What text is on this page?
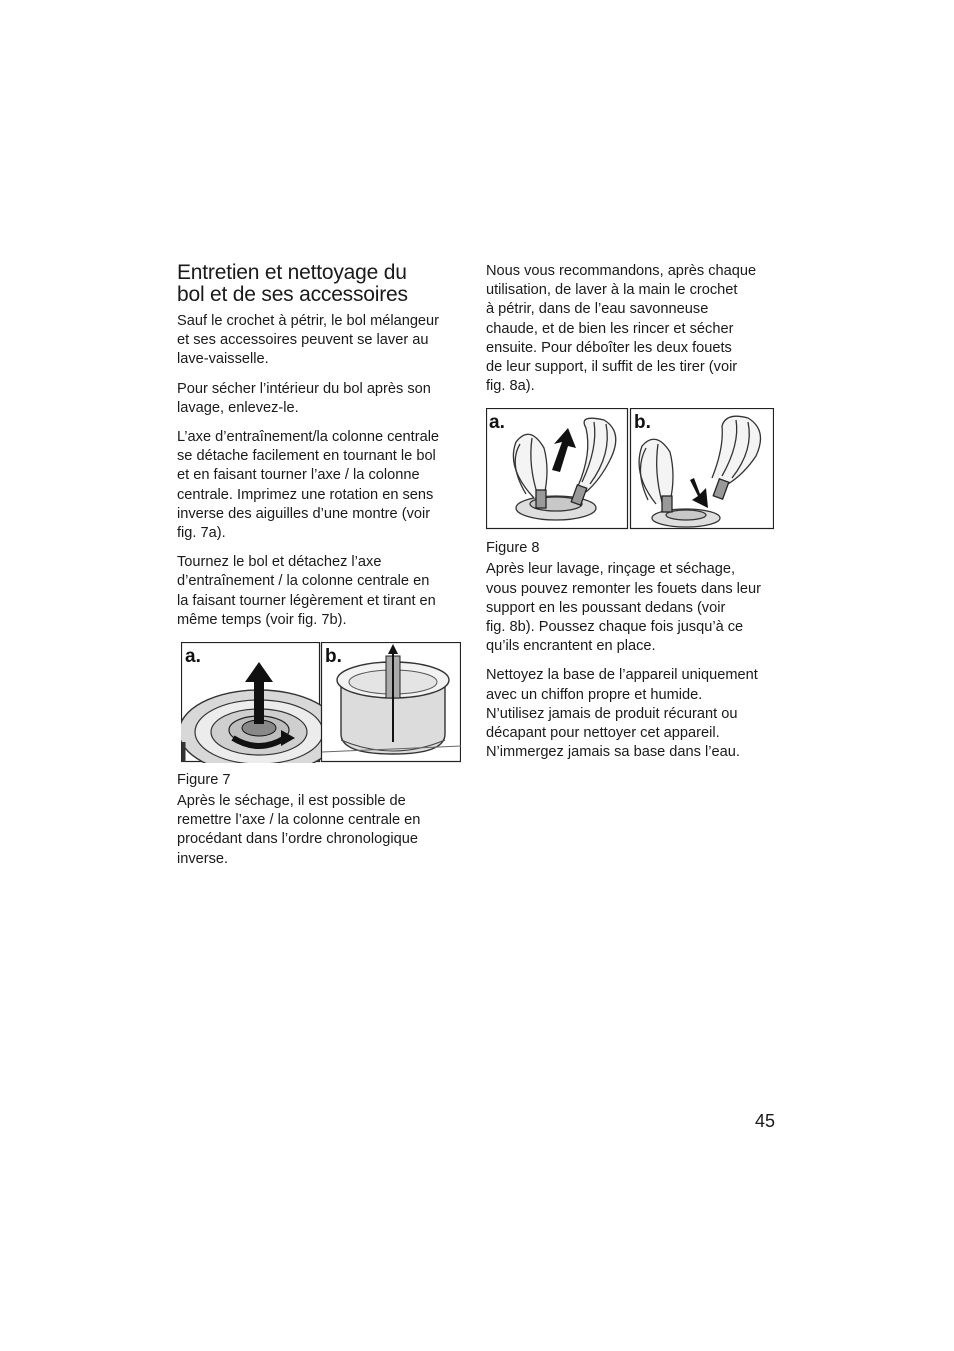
Entretien et nettoyage du
bol et de ses accessoires

Sauf le crochet à pétrir, le bol mélangeur
et ses accessoires peuvent se laver au
lave-vaisselle.

Pour sécher l’intérieur du bol après son
lavage, enlevez-le.

L’axe d’entraînement/la colonne centrale
se détache facilement en tournant le bol
et en faisant tourner l’axe / la colonne
centrale. Imprimez une rotation en sens
inverse des aiguilles d’une montre (voir
fig. 7a).

Tournez le bol et détachez l’axe
d’entraînement / la colonne centrale en
la faisant tourner légèrement et tirant en
même temps (voir fig. 7b).

a.	b.
Figure 7

Après le séchage, il est possible de
remettre l’axe / la colonne centrale en
procédant dans l’ordre chronologique
inverse.

Nous vous recommandons, après chaque
utilisation, de laver à la main le crochet
à pétrir, dans de l’eau savonneuse
chaude, et de bien les rincer et sécher
ensuite. Pour déboîter les deux fouets
de leur support, il suffit de les tirer (voir
fig. 8a).

a.	b.
Figure 8

Après leur lavage, rinçage et séchage,
vous pouvez remonter les fouets dans leur
support en les poussant dedans (voir
fig. 8b). Poussez chaque fois jusqu’à ce
qu’ils encrantent en place.

Nettoyez la base de l’appareil uniquement
avec un chiffon propre et humide.
N’utilisez jamais de produit récurant ou
décapant pour nettoyer cet appareil.
N’immergez jamais sa base dans l’eau.

45
